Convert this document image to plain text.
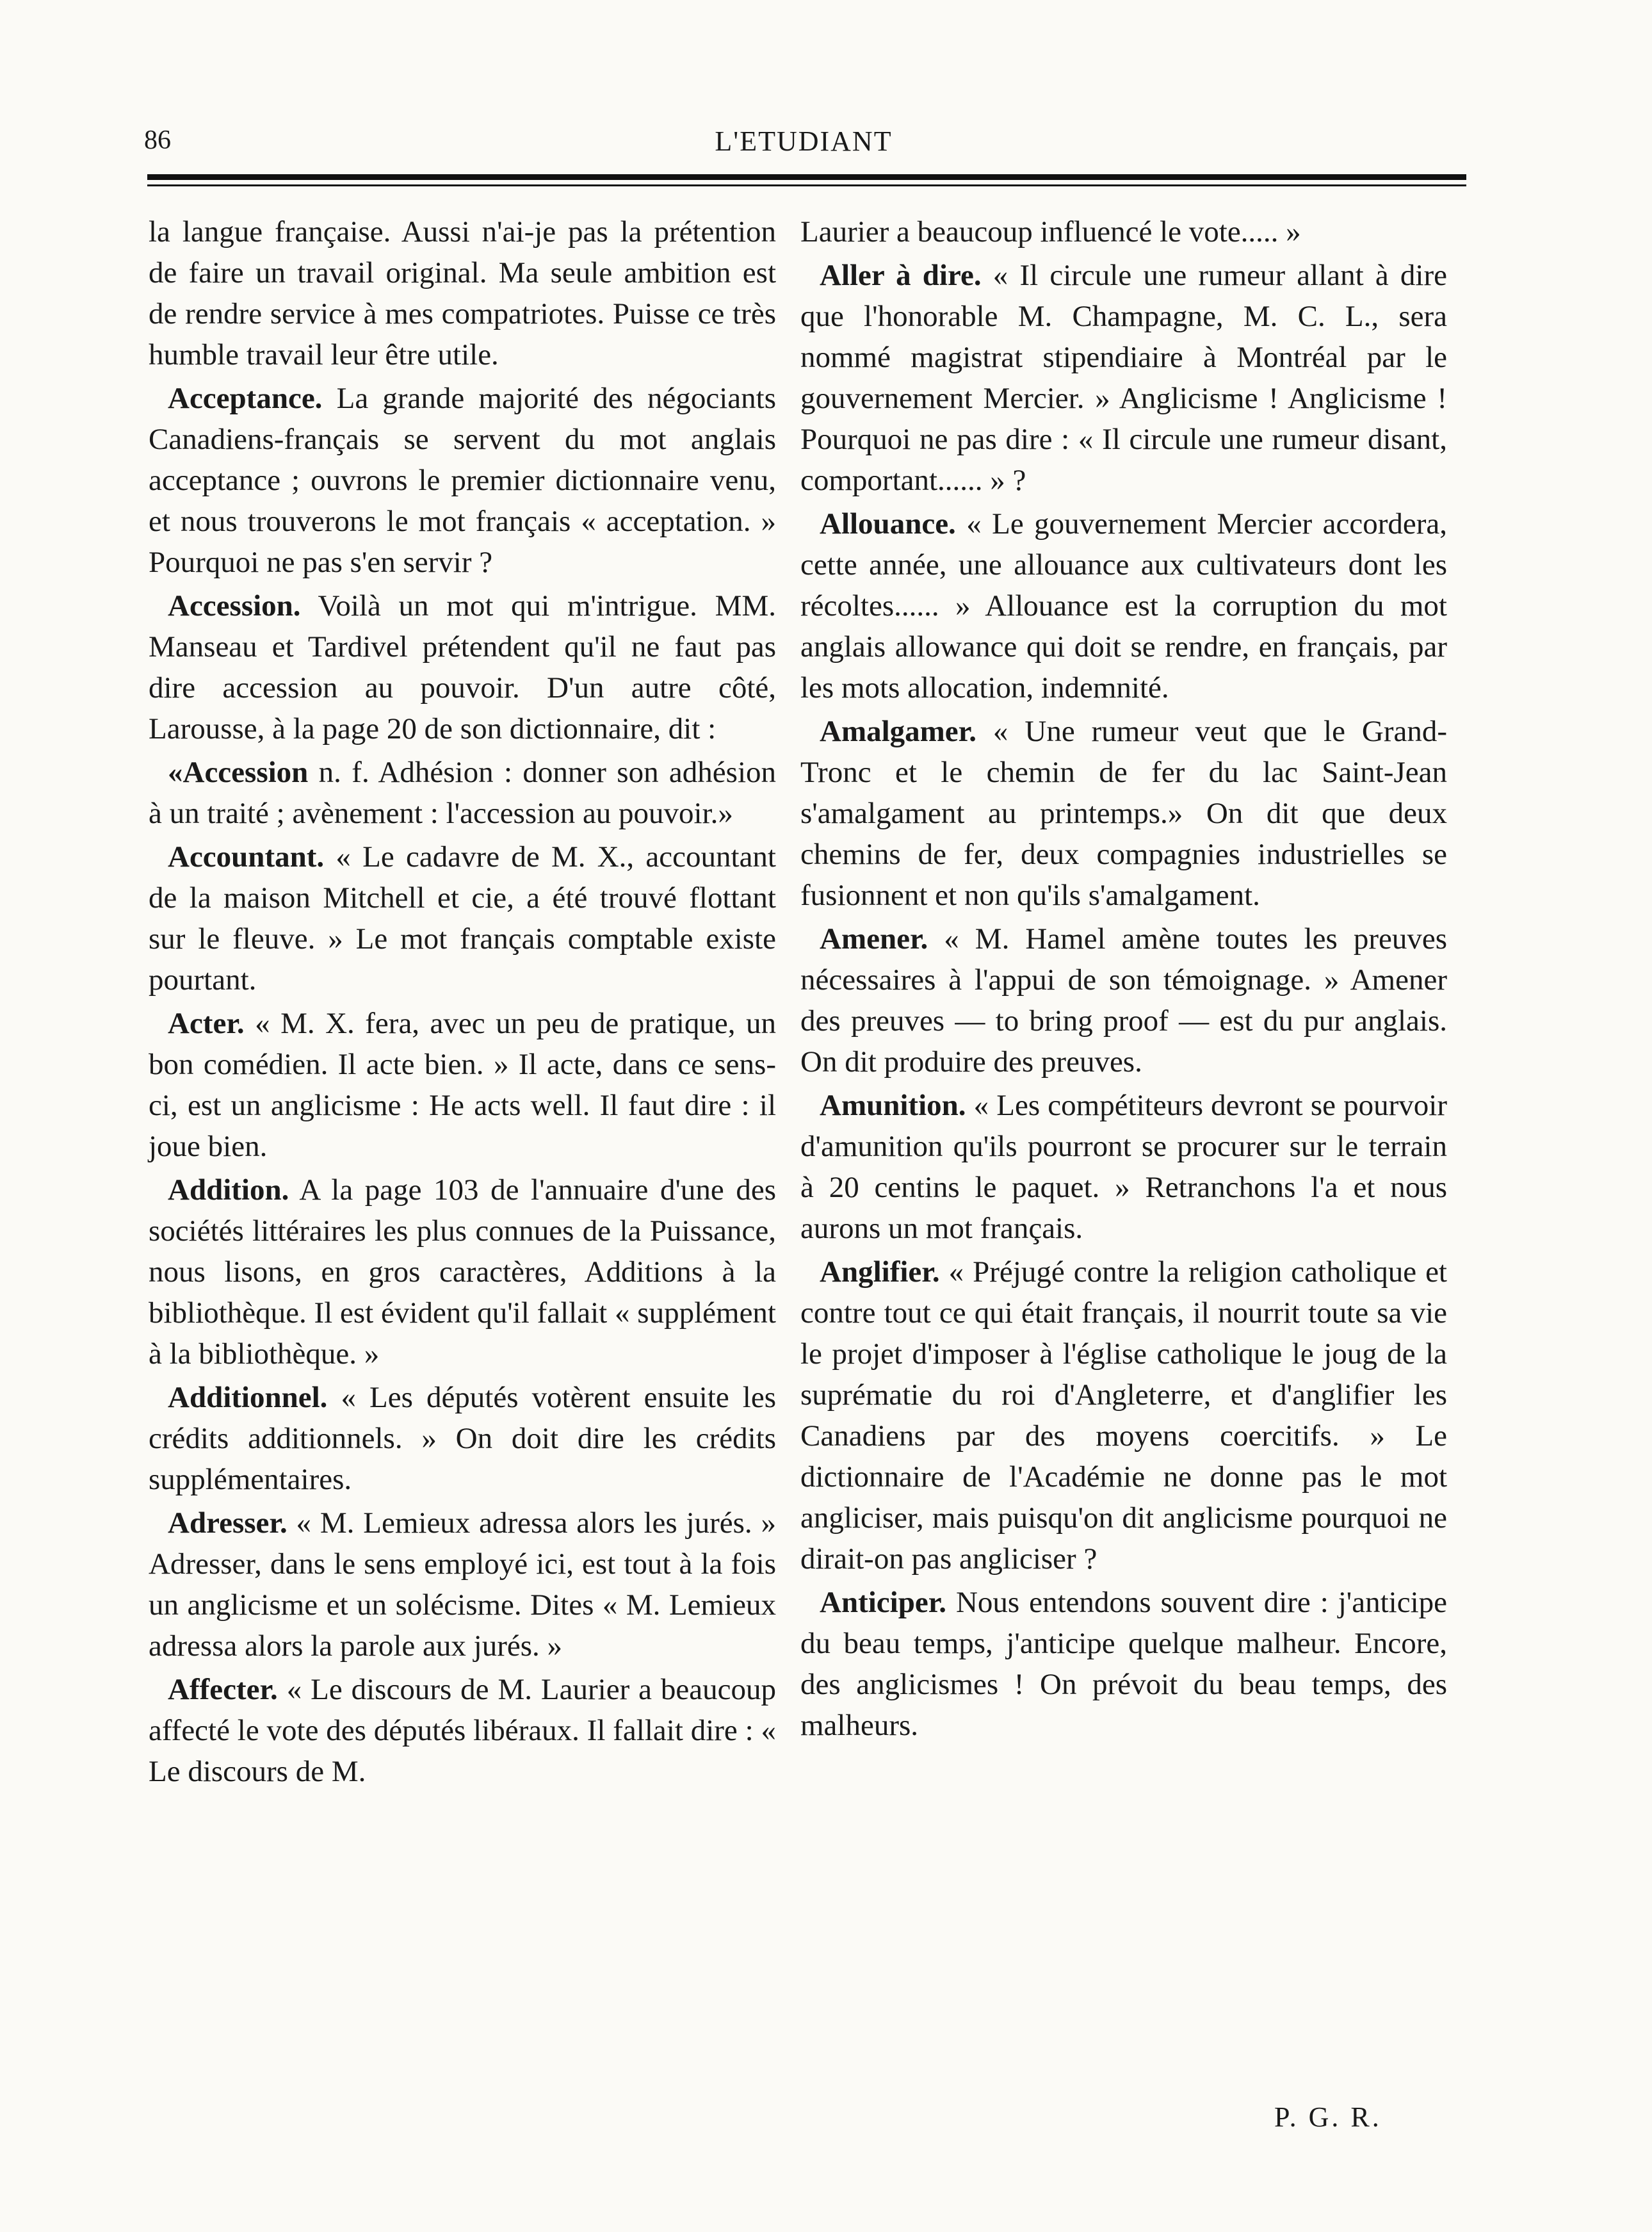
86	L'ETUDIANT

la langue française. Aussi n'ai-je pas la prétention de faire un travail original. Ma seule ambition est de rendre service à mes compatriotes. Puisse ce très humble travail leur être utile.

Acceptance. La grande majorité des négociants Canadiens-français se servent du mot anglais acceptance ; ouvrons le premier dictionnaire venu, et nous trouverons le mot français « acceptation. » Pourquoi ne pas s'en servir ?

Accession. Voilà un mot qui m'intrigue. MM. Manseau et Tardivel prétendent qu'il ne faut pas dire accession au pouvoir. D'un autre côté, Larousse, à la page 20 de son dictionnaire, dit :

«Accession n. f. Adhésion : donner son adhésion à un traité ; avènement : l'accession au pouvoir.»

Accountant. « Le cadavre de M. X., accountant de la maison Mitchell et cie, a été trouvé flottant sur le fleuve. » Le mot français comptable existe pourtant.

Acter. « M. X. fera, avec un peu de pratique, un bon comédien. Il acte bien. » Il acte, dans ce sens-ci, est un anglicisme : He acts well. Il faut dire : il joue bien.

Addition. A la page 103 de l'annuaire d'une des sociétés littéraires les plus connues de la Puissance, nous lisons, en gros caractères, Additions à la bibliothèque. Il est évident qu'il fallait « supplément à la bibliothèque. »

Additionnel. « Les députés votèrent ensuite les crédits additionnels. » On doit dire les crédits supplémentaires.

Adresser. « M. Lemieux adressa alors les jurés. » Adresser, dans le sens employé ici, est tout à la fois un anglicisme et un solécisme. Dites « M. Lemieux adressa alors la parole aux jurés. »

Affecter. « Le discours de M. Laurier a beaucoup affecté le vote des députés libéraux. Il fallait dire : « Le discours de M.

Laurier a beaucoup influencé le vote..... »

Aller à dire. « Il circule une rumeur allant à dire que l'honorable M. Champagne, M. C. L., sera nommé magistrat stipendiaire à Montréal par le gouvernement Mercier. » Anglicisme ! Anglicisme ! Pourquoi ne pas dire : « Il circule une rumeur disant, comportant...... » ?

Allouance. « Le gouvernement Mercier accordera, cette année, une allouance aux cultivateurs dont les récoltes...... » Allouance est la corruption du mot anglais allowance qui doit se rendre, en français, par les mots allocation, indemnité.

Amalgamer. « Une rumeur veut que le Grand-Tronc et le chemin de fer du lac Saint-Jean s'amalgament au printemps.» On dit que deux chemins de fer, deux compagnies industrielles se fusionnent et non qu'ils s'amalgament.

Amener. « M. Hamel amène toutes les preuves nécessaires à l'appui de son témoignage. » Amener des preuves — to bring proof — est du pur anglais. On dit produire des preuves.

Amunition. « Les compétiteurs devront se pourvoir d'amunition qu'ils pourront se procurer sur le terrain à 20 centins le paquet. » Retranchons l'a et nous aurons un mot français.

Anglifier. « Préjugé contre la religion catholique et contre tout ce qui était français, il nourrit toute sa vie le projet d'imposer à l'église catholique le joug de la suprématie du roi d'Angleterre, et d'anglifier les Canadiens par des moyens coercitifs. » Le dictionnaire de l'Académie ne donne pas le mot angliciser, mais puisqu'on dit anglicisme pourquoi ne dirait-on pas angliciser ?

Anticiper. Nous entendons souvent dire : j'anticipe du beau temps, j'anticipe quelque malheur. Encore, des anglicismes ! On prévoit du beau temps, des malheurs.

P. G. R.
